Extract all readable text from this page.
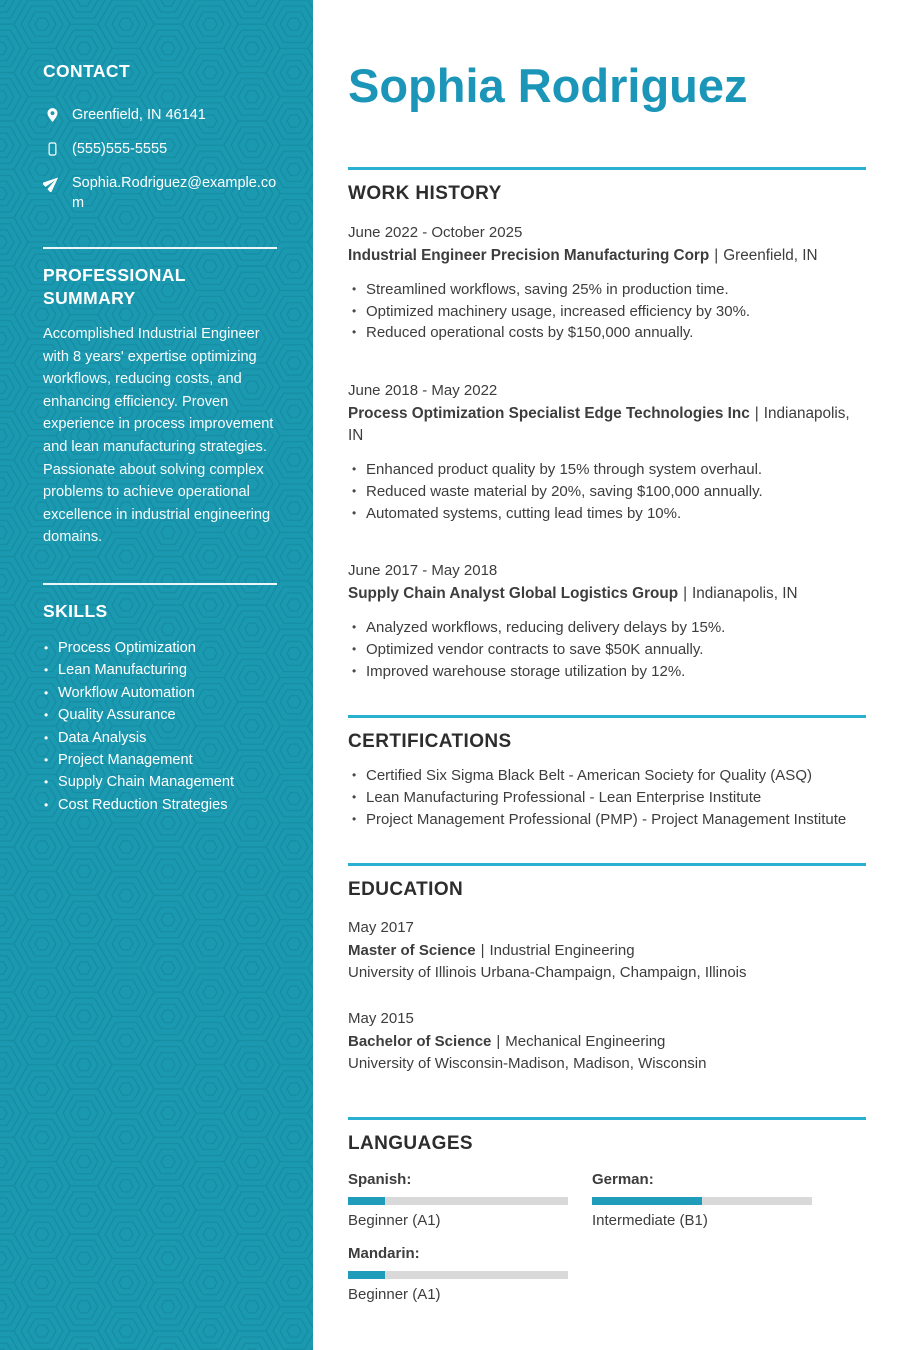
CONTACT
Greenfield, IN 46141
(555)555-5555
Sophia.Rodriguez@example.com
PROFESSIONAL SUMMARY

Accomplished Industrial Engineer with 8 years' expertise optimizing workflows, reducing costs, and enhancing efficiency. Proven experience in process improvement and lean manufacturing strategies. Passionate about solving complex problems to achieve operational excellence in industrial engineering domains.

SKILLS
• Process Optimization
• Lean Manufacturing
• Workflow Automation
• Quality Assurance
• Data Analysis
• Project Management
• Supply Chain Management
• Cost Reduction Strategies
Sophia Rodriguez
WORK HISTORY
June 2022 - October 2025
Industrial Engineer Precision Manufacturing Corp | Greenfield, IN
• Streamlined workflows, saving 25% in production time.
• Optimized machinery usage, increased efficiency by 30%.
• Reduced operational costs by $150,000 annually.
June 2018 - May 2022
Process Optimization Specialist Edge Technologies Inc | Indianapolis, IN
• Enhanced product quality by 15% through system overhaul.
• Reduced waste material by 20%, saving $100,000 annually.
• Automated systems, cutting lead times by 10%.
June 2017 - May 2018
Supply Chain Analyst Global Logistics Group | Indianapolis, IN
• Analyzed workflows, reducing delivery delays by 15%.
• Optimized vendor contracts to save $50K annually.
• Improved warehouse storage utilization by 12%.
CERTIFICATIONS
• Certified Six Sigma Black Belt - American Society for Quality (ASQ)
• Lean Manufacturing Professional - Lean Enterprise Institute
• Project Management Professional (PMP) - Project Management Institute
EDUCATION
May 2017
Master of Science | Industrial Engineering
University of Illinois Urbana-Champaign, Champaign, Illinois
May 2015
Bachelor of Science | Mechanical Engineering
University of Wisconsin-Madison, Madison, Wisconsin
LANGUAGES
Spanish:
Beginner (A1)
German:
Intermediate (B1)
Mandarin:
Beginner (A1)
